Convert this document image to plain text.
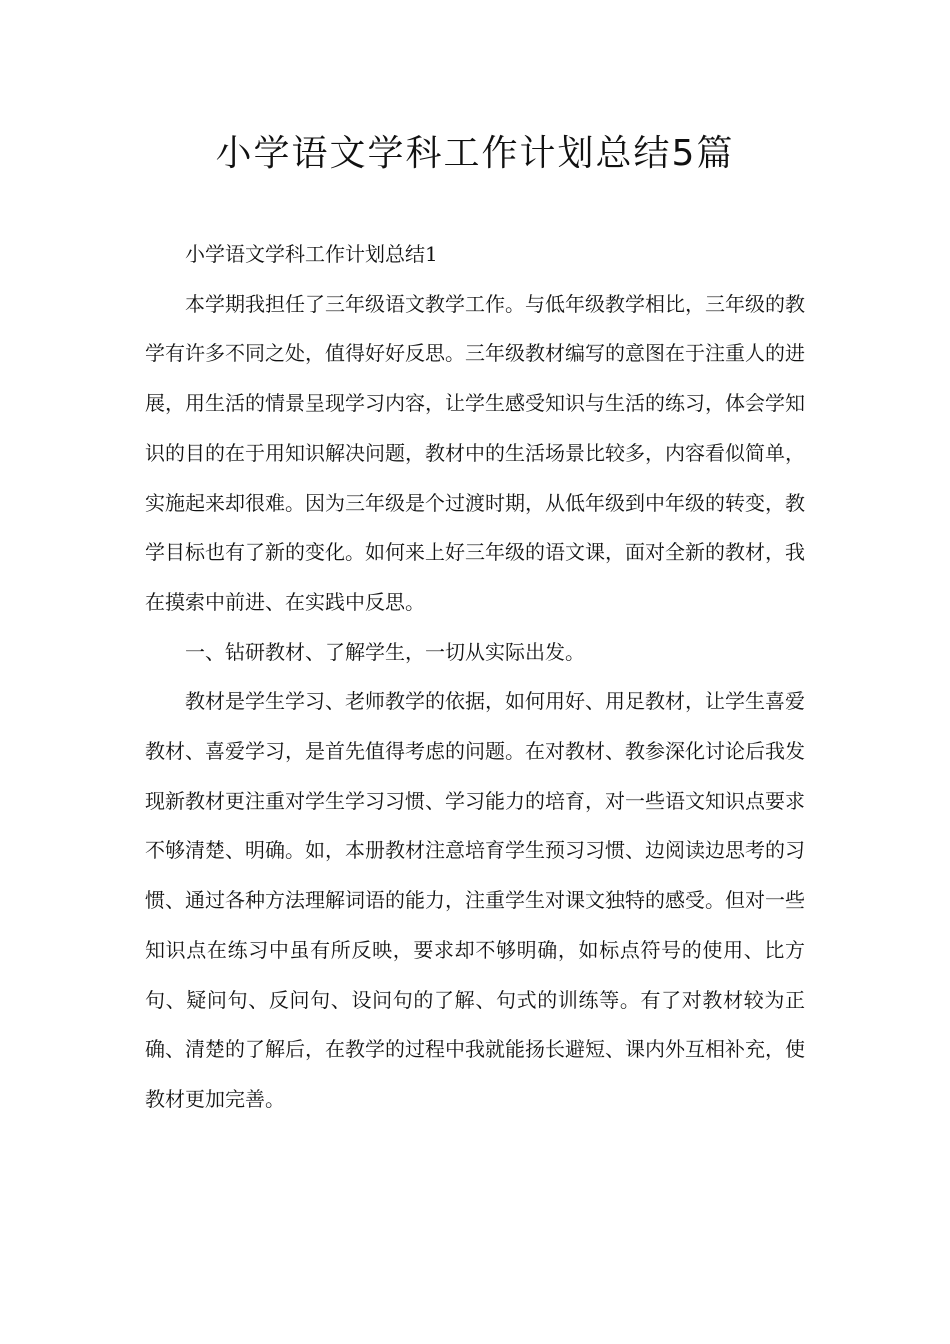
小学语文学科工作计划总结5篇

小学语文学科工作计划总结1

本学期我担任了三年级语文教学工作。与低年级教学相比，三年级的教学有许多不同之处，值得好好反思。三年级教材编写的意图在于注重人的进展，用生活的情景呈现学习内容，让学生感受知识与生活的练习，体会学知识的目的在于用知识解决问题，教材中的生活场景比较多，内容看似简单，实施起来却很难。因为三年级是个过渡时期，从低年级到中年级的转变，教学目标也有了新的变化。如何来上好三年级的语文课，面对全新的教材，我在摸索中前进、在实践中反思。

一、钻研教材、了解学生，一切从实际出发。

教材是学生学习、老师教学的依据，如何用好、用足教材，让学生喜爱教材、喜爱学习，是首先值得考虑的问题。在对教材、教参深化讨论后我发现新教材更注重对学生学习习惯、学习能力的培育，对一些语文知识点要求不够清楚、明确。如，本册教材注意培育学生预习习惯、边阅读边思考的习惯、通过各种方法理解词语的能力，注重学生对课文独特的感受。但对一些知识点在练习中虽有所反映，要求却不够明确，如标点符号的使用、比方句、疑问句、反问句、设问句的了解、句式的训练等。有了对教材较为正确、清楚的了解后，在教学的过程中我就能扬长避短、课内外互相补充，使教材更加完善。
